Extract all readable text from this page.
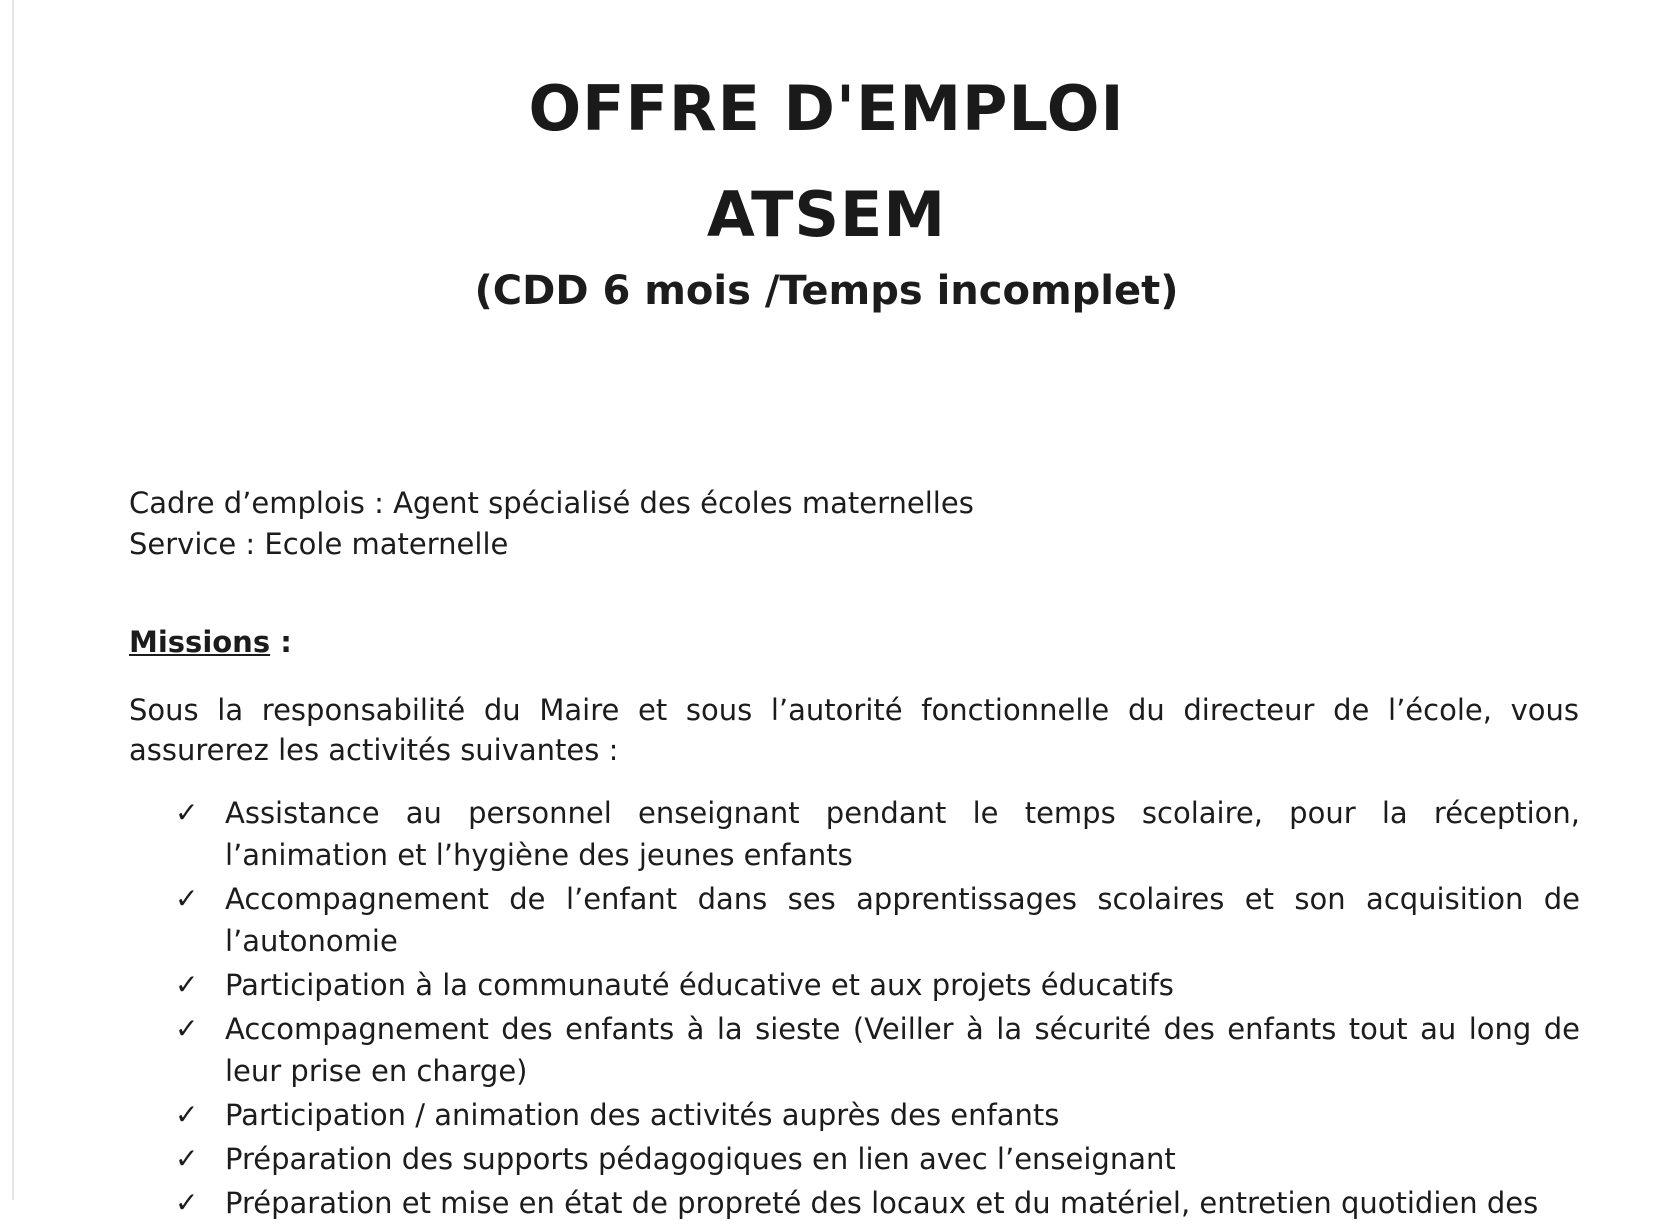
OFFRE D'EMPLOI
ATSEM
(CDD 6 mois /Temps incomplet)

Cadre d’emplois : Agent spécialisé des écoles maternelles

Service : Ecole maternelle

Missions :

Sous la responsabilité du Maire et sous l’autorité fonctionnelle du directeur de l’école, vous assurerez les activités suivantes :

✓ Assistance au personnel enseignant pendant le temps scolaire, pour la réception, l’animation et l’hygiène des jeunes enfants
✓ Accompagnement de l’enfant dans ses apprentissages scolaires et son acquisition de l’autonomie
✓ Participation à la communauté éducative et aux projets éducatifs
✓ Accompagnement des enfants à la sieste (Veiller à la sécurité des enfants tout au long de leur prise en charge)
✓ Participation / animation des activités auprès des enfants
✓ Préparation des supports pédagogiques en lien avec l’enseignant
✓ Préparation et mise en état de propreté des locaux et du matériel, entretien quotidien des
